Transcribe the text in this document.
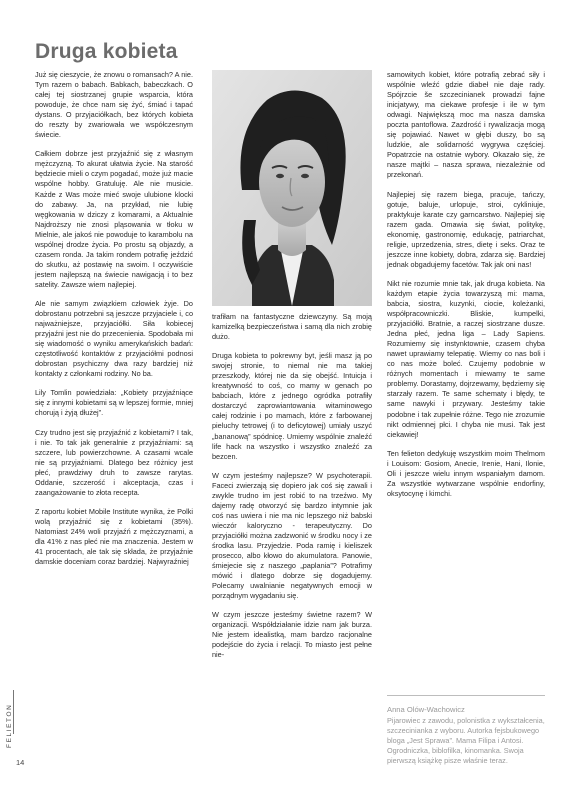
Druga kobieta

Już się cieszycie, że znowu o romansach? A nie. Tym razem o babach. Babkach, babeczkach. O całej tej siostrzanej grupie wsparcia, która powoduje, że chce nam się żyć, śmiać i tapać dystans. O przyjaciółkach, bez których kobieta do reszty by zwariowała we współczesnym świecie.

Całkiem dobrze jest przyjaźnić się z własnym mężczyzną. To akurat ułatwia życie. Na starość będziecie mieli o czym pogadać, może już macie wspólne hobby. Gratuluję. Ale nie musicie. Każde z Was może mieć swoje ulubione klocki do zabawy. Ja, na przykład, nie lubię węgkowania w dziczy z komarami, a Aktualnie Najdroższy nie znosi pląsowania w tłoku w Mielnie, ale jakoś nie powoduje to karambolu na wspólnej drodze życia. Po prostu są objazdy, a czasem ronda. Ja takim rondem potrafię jeździć do skutku, aż postawię na swoim. I oczywiście jestem najlepszą na świecie nawigacją i to bez satelity. Zawsze wiem najlepiej.

Ale nie samym związkiem człowiek żyje. Do dobrostanu potrzebni są jeszcze przyjaciele i, co najważniejsze, przyjaciółki. Siła kobiecej przyjaźni jest nie do przecenienia. Spodobała mi się wiadomość o wyniku amerykańskich badań: częstotliwość kontaktów z przyjaciółmi podnosi dobrostan psychiczny dwa razy bardziej niż kontakty z członkami rodziny. No ba.

Lily Tomlin powiedziała: „Kobiety przyjaźniące się z innymi kobietami są w lepszej formie, mniej chorują i żyją dłużej”.

Czy trudno jest się przyjaźnić z kobietami? I tak, i nie. To tak jak generalnie z przyjaźniami: są szczere, lub powierzchowne. A czasami wcale nie są przyjaźniami. Dlatego bez różnicy jest płeć, prawdziwy druh to zawsze rarytas. Oddanie, szczerość i akceptacja, czas i zaangażowanie to złota recepta.

Z raportu kobiet Mobile Institute wynika, że Polki wolą przyjaźnić się z kobietami (35%). Natomiast 24% woli przyjaźń z mężczyznami, a dla 41% z nas płeć nie ma znaczenia. Jestem w 41 procentach, ale tak się składa, że przyjaźnie damskie doceniam coraz bardziej. Najwyraźniej

trafiłam na fantastyczne dziewczyny. Są moją kamizelką bezpieczeństwa i samą dla nich zrobię dużo.

Druga kobieta to pokrewny byt, jeśli masz ją po swojej stronie, to niemal nie ma takiej przeszkody, której nie da się obejść. Intuicja i kreatywność to coś, co mamy w genach po babciach, które z jednego ogródka potrafiły dostarczyć zaprowiantowania witaminowego całej rodzinie i po mamach, które z farbowanej pieluchy tetrowej (i to deficytowej) umiały uszyć „bananową” spódnicę. Umiemy wspólnie znaleźć life hack na wszystko i wszystko znaleźć za bezcen.

W czym jesteśmy najlepsze? W psychoterapii. Faceci zwierzają się dopiero jak coś się zawali i zwykle trudno im jest robić to na trzeźwo. My dajemy radę otworzyć się bardzo intymnie jak coś nas uwiera i nie ma nic lepszego niż babski wieczór kaloryczno - terapeutyczny. Do przyjaciółki można zadzwonić w środku nocy i ze środka lasu. Przyjedzie. Poda ramię i kieliszek prosecco, albo kłowo do akumulatora. Panowie, śmiejecie się z naszego „paplania”? Potrafimy mówić i dlatego dobrze się dogadujemy. Polecamy uwalnianie negatywnych emocji w porządnym wygadaniu się.

W czym jeszcze jesteśmy świetne razem? W organizacji. Współdziałanie idzie nam jak burza. Nie jestem idealistką, mam bardzo racjonalne podejście do życia i relacji. To miasto jest pełne nie-

samowitych kobiet, które potrafią zebrać siły i wspólnie wleźć gdzie diabeł nie daje rady. Spójrzcie še szczecinianek prowadzi fajne inicjatywy, ma ciekawe profesje i ile w tym odwagi. Największą moc ma nasza damska poczta pantoflowa. Zazdrość i rywalizacja mogą się pojawiać. Nawet w głębi duszy, bo są ludzkie, ale solidarność wygrywa częściej. Popatrzcie na ostatnie wybory. Okazało się, że nasze majtki – nasza sprawa, niezależnie od przekonań.

Najlepiej się razem biega, pracuje, tańczy, gotuje, baluje, urlopuje, stroi, cykliniuje, praktykuje karate czy garncarstwo. Najlepiej się razem gada. Omawia się świat, politykę, ekonomię, gastronomię, edukację, patriarchat, religie, uprzedzenia, stres, dietę i seks. Oraz te jeszcze inne kobiety, dobra, zdarza się. Bardziej jednak obgadujemy facetów. Tak jak oni nas!

Nikt nie rozumie mnie tak, jak druga kobieta. Na każdym etapie życia towarzyszą mi: mama, babcia, siostra, kuzynki, ciocie, koleżanki, współpracowniczki. Bliskie, kumpelki, przyjaciółki. Bratnie, a raczej siostrzane dusze. Jedna płeć, jedna liga – Lady Sapiens. Rozumiemy się instynktownie, czasem chyba nawet uprawiamy telepatię. Wiemy co nas boli i co nas może boleć. Czujemy podobnie w różnych momentach i miewamy te same problemy. Dorastamy, dojrzewamy, będziemy się starzały razem. Te same schematy i błędy, te same nawyki i przywary. Jesteśmy takie podobne i tak zupełnie różne. Tego nie zrozumie nikt odmiennej płci. I chyba nie musi. Tak jest ciekawiej!

Ten felieton dedykuję wszystkim moim Thelmom i Louisom: Gosiom, Anecie, Irenie, Hani, Ilonie, Oli i jeszcze wielu innym wspaniałym damom. Za wszystkie wytwarzane wspólnie endorfiny, oksytocynę i kimchi.

Anna Olów-Wachowicz
Pijarowiec z zawodu, polonistka z wykształcenia, szczecinianka z wyboru. Autorka fejsbukowego bloga „Jest Sprawa”. Mama Filipa i Antosi. Ogrodniczka, biblofilka, kinomanka. Swoja pierwszą książkę pisze właśnie teraz.
FELIETON
14
